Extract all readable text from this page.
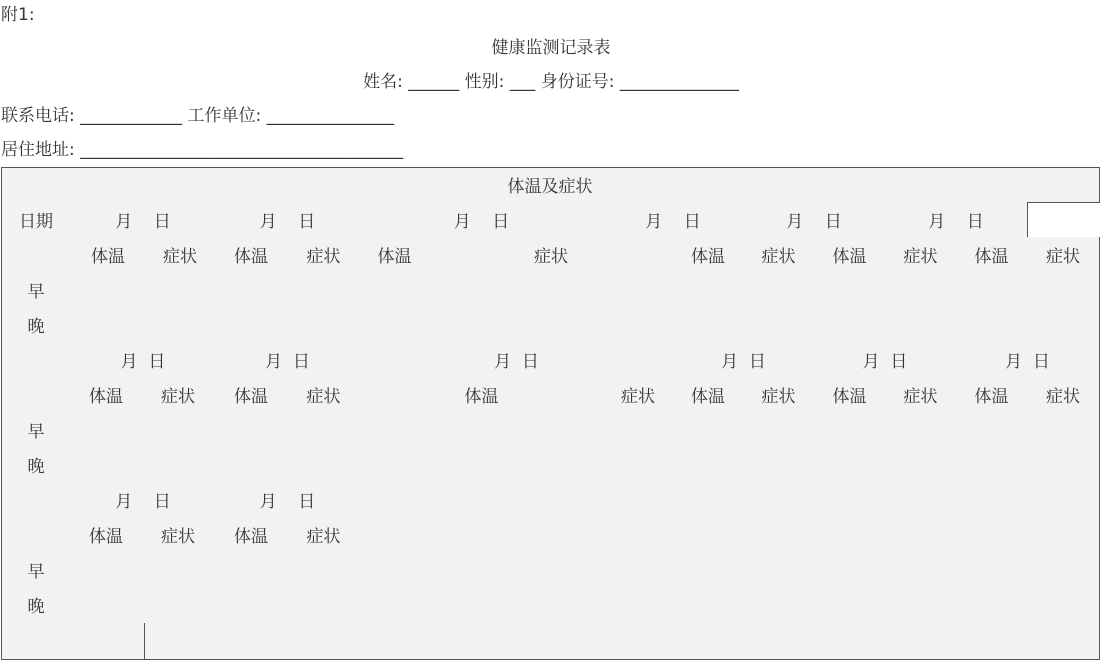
附1:
健康监测记录表
姓名: ______ 性别: ___ 身份证号: ______________
联系电话: ____________ 工作单位: _______________
居住地址: ______________________________________
体温及症状
日期	月    日	月    日	月    日	月    日	月    日	月    日
体温	症状	体温	症状	体温	症状	体温	症状	体温	症状	体温	症状
早
晚
月  日	月  日	月  日	月  日	月  日	月  日
体温	症状	体温	症状	体温	症状	体温	症状	体温	症状	体温	症状
早
晚
月    日	月    日
体温	症状	体温	症状
早
晚
